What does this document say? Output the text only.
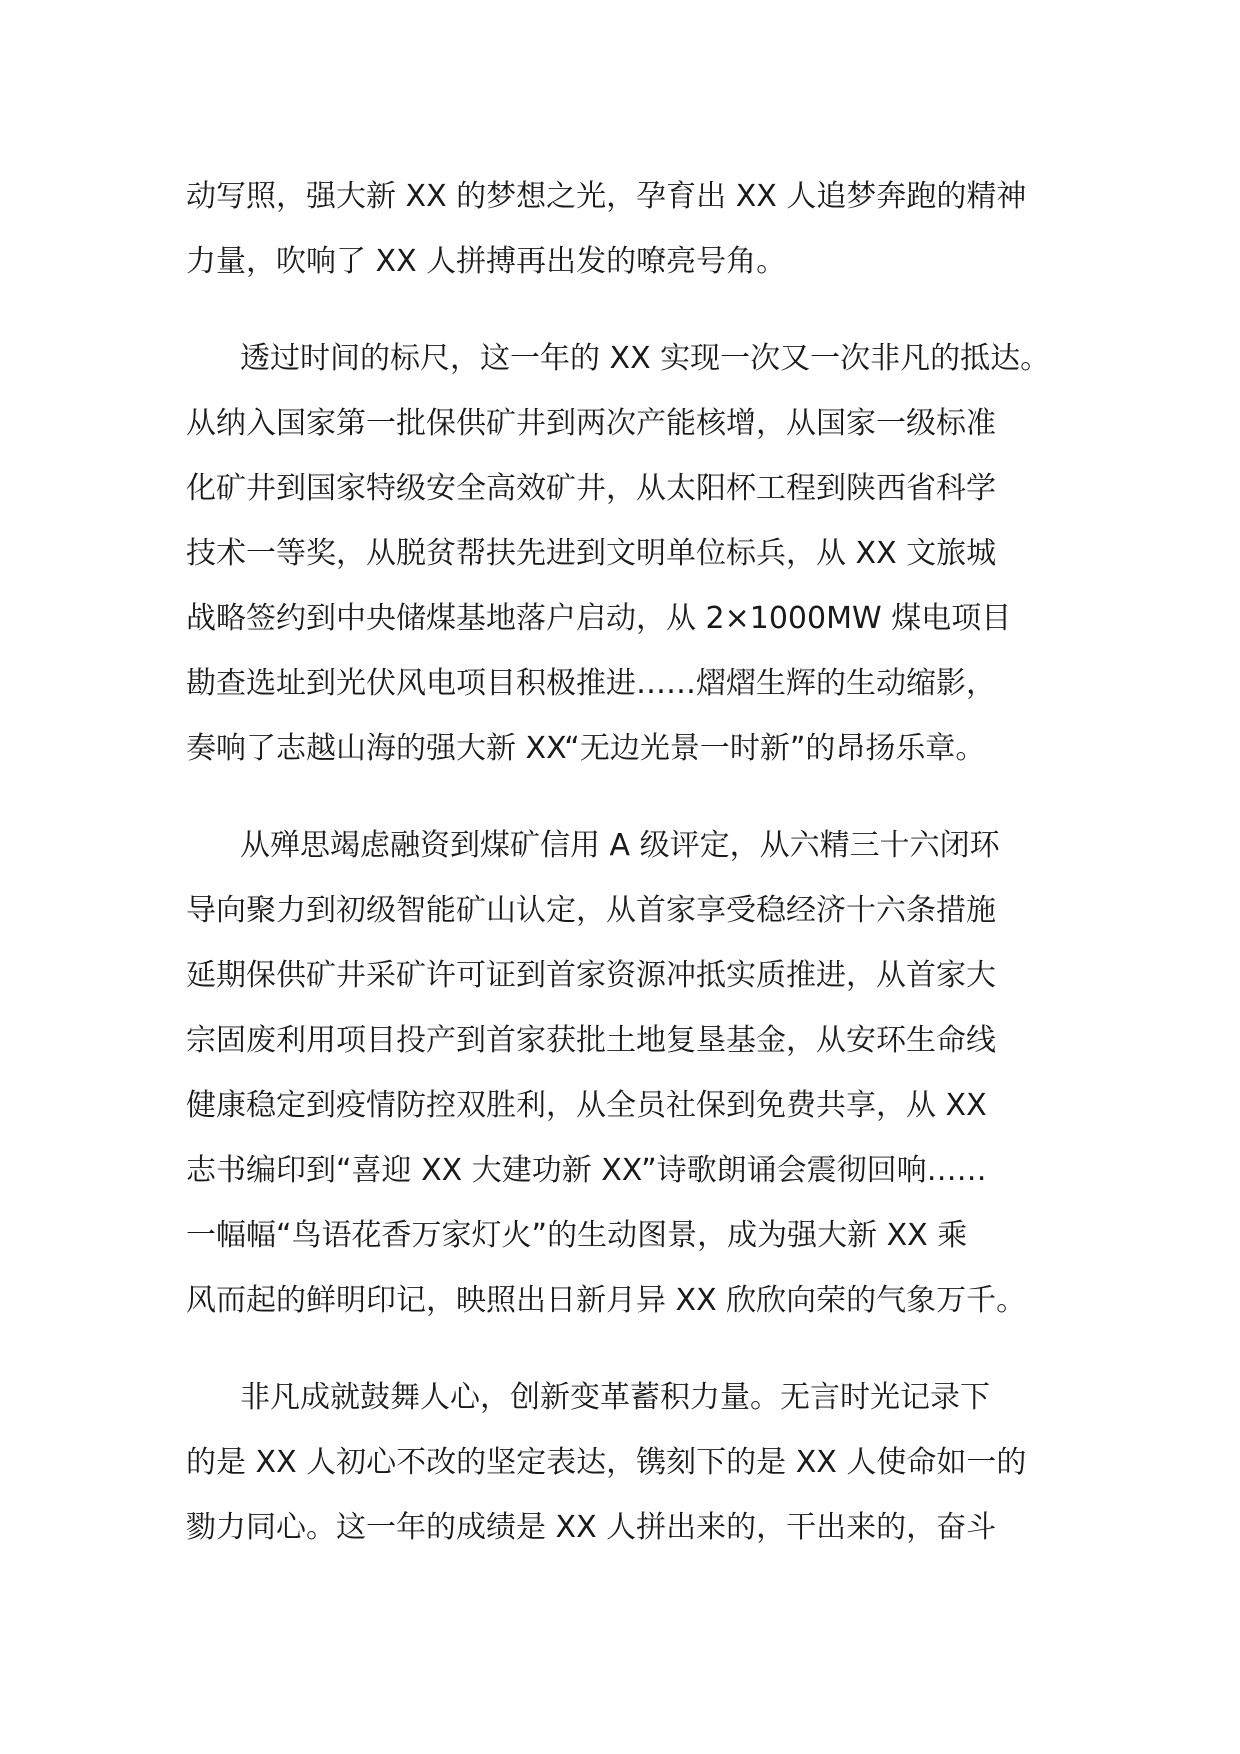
动写照，强大新 XX 的梦想之光，孕育出 XX 人追梦奔跑的精神
力量，吹响了 XX 人拼搏再出发的嘹亮号角。

透过时间的标尺，这一年的 XX 实现一次又一次非凡的抵达。
从纳入国家第一批保供矿井到两次产能核增，从国家一级标准
化矿井到国家特级安全高效矿井，从太阳杯工程到陕西省科学
技术一等奖，从脱贫帮扶先进到文明单位标兵，从 XX 文旅城
战略签约到中央储煤基地落户启动，从 2×1000MW 煤电项目
勘查选址到光伏风电项目积极推进……熠熠生辉的生动缩影，
奏响了志越山海的强大新 XX“无边光景一时新”的昂扬乐章。

从殚思竭虑融资到煤矿信用 A 级评定，从六精三十六闭环
导向聚力到初级智能矿山认定，从首家享受稳经济十六条措施
延期保供矿井采矿许可证到首家资源冲抵实质推进，从首家大
宗固废利用项目投产到首家获批土地复垦基金，从安环生命线
健康稳定到疫情防控双胜利，从全员社保到免费共享，从 XX
志书编印到“喜迎 XX 大建功新 XX”诗歌朗诵会震彻回响……
一幅幅“鸟语花香万家灯火”的生动图景，成为强大新 XX 乘
风而起的鲜明印记，映照出日新月异 XX 欣欣向荣的气象万千。

非凡成就鼓舞人心，创新变革蓄积力量。无言时光记录下
的是 XX 人初心不改的坚定表达，镌刻下的是 XX 人使命如一的
勠力同心。这一年的成绩是 XX 人拼出来的，干出来的，奋斗
